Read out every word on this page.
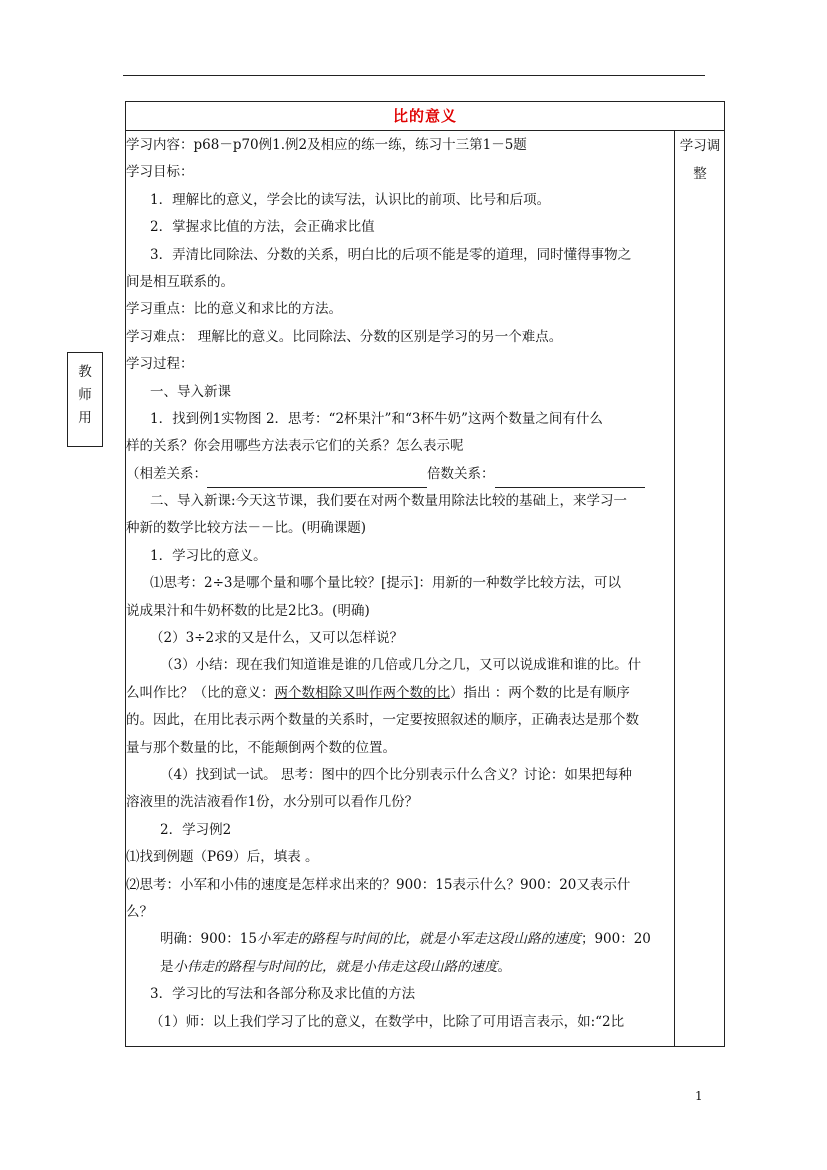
教
师
用
比的意义
学习调
整
学习内容：p68－p70例1.例2及相应的练一练，练习十三第1－5题
学习目标：
1．理解比的意义，学会比的读写法，认识比的前项、比号和后项。
2．掌握求比值的方法，会正确求比值
3．弄清比同除法、分数的关系，明白比的后项不能是零的道理，同时懂得事物之
间是相互联系的。
学习重点：比的意义和求比的方法。
学习难点： 理解比的意义。比同除法、分数的区别是学习的另一个难点。
学习过程：
一、导入新课
1．找到例1实物图 2．思考：“2杯果汁”和“3杯牛奶”这两个数量之间有什么
样的关系？你会用哪些方法表示它们的关系？怎么表示呢
（相差关系：	倍数关系：
二、导入新课:今天这节课，我们要在对两个数量用除法比较的基础上，来学习一
种新的数学比较方法－－比。(明确课题)
1．学习比的意义。
⑴思考：2÷3是哪个量和哪个量比较？[提示]：用新的一种数学比较方法，可以
说成果汁和牛奶杯数的比是2比3。(明确)
（2）3÷2求的又是什么，又可以怎样说？
（3）小结：现在我们知道谁是谁的几倍或几分之几，又可以说成谁和谁的比。什
么叫作比？（比的意义：两个数相除又叫作两个数的比）指出 ：两个数的比是有顺序
的。因此，在用比表示两个数量的关系时，一定要按照叙述的顺序，正确表达是那个数
量与那个数量的比，不能颠倒两个数的位置。
（4）找到试一试。 思考：图中的四个比分别表示什么含义？讨论：如果把每种
溶液里的洗洁液看作1份，水分别可以看作几份？
2．学习例2
⑴找到例题（P69）后，填表 。
⑵思考：小军和小伟的速度是怎样求出来的？900：15表示什么？900：20又表示什
么？
明确：900：15小军走的路程与时间的比，就是小军走这段山路的速度；900：20
是小伟走的路程与时间的比，就是小伟走这段山路的速度。
3．学习比的写法和各部分称及求比值的方法
（1）师：以上我们学习了比的意义，在数学中，比除了可用语言表示，如:“2比
1
